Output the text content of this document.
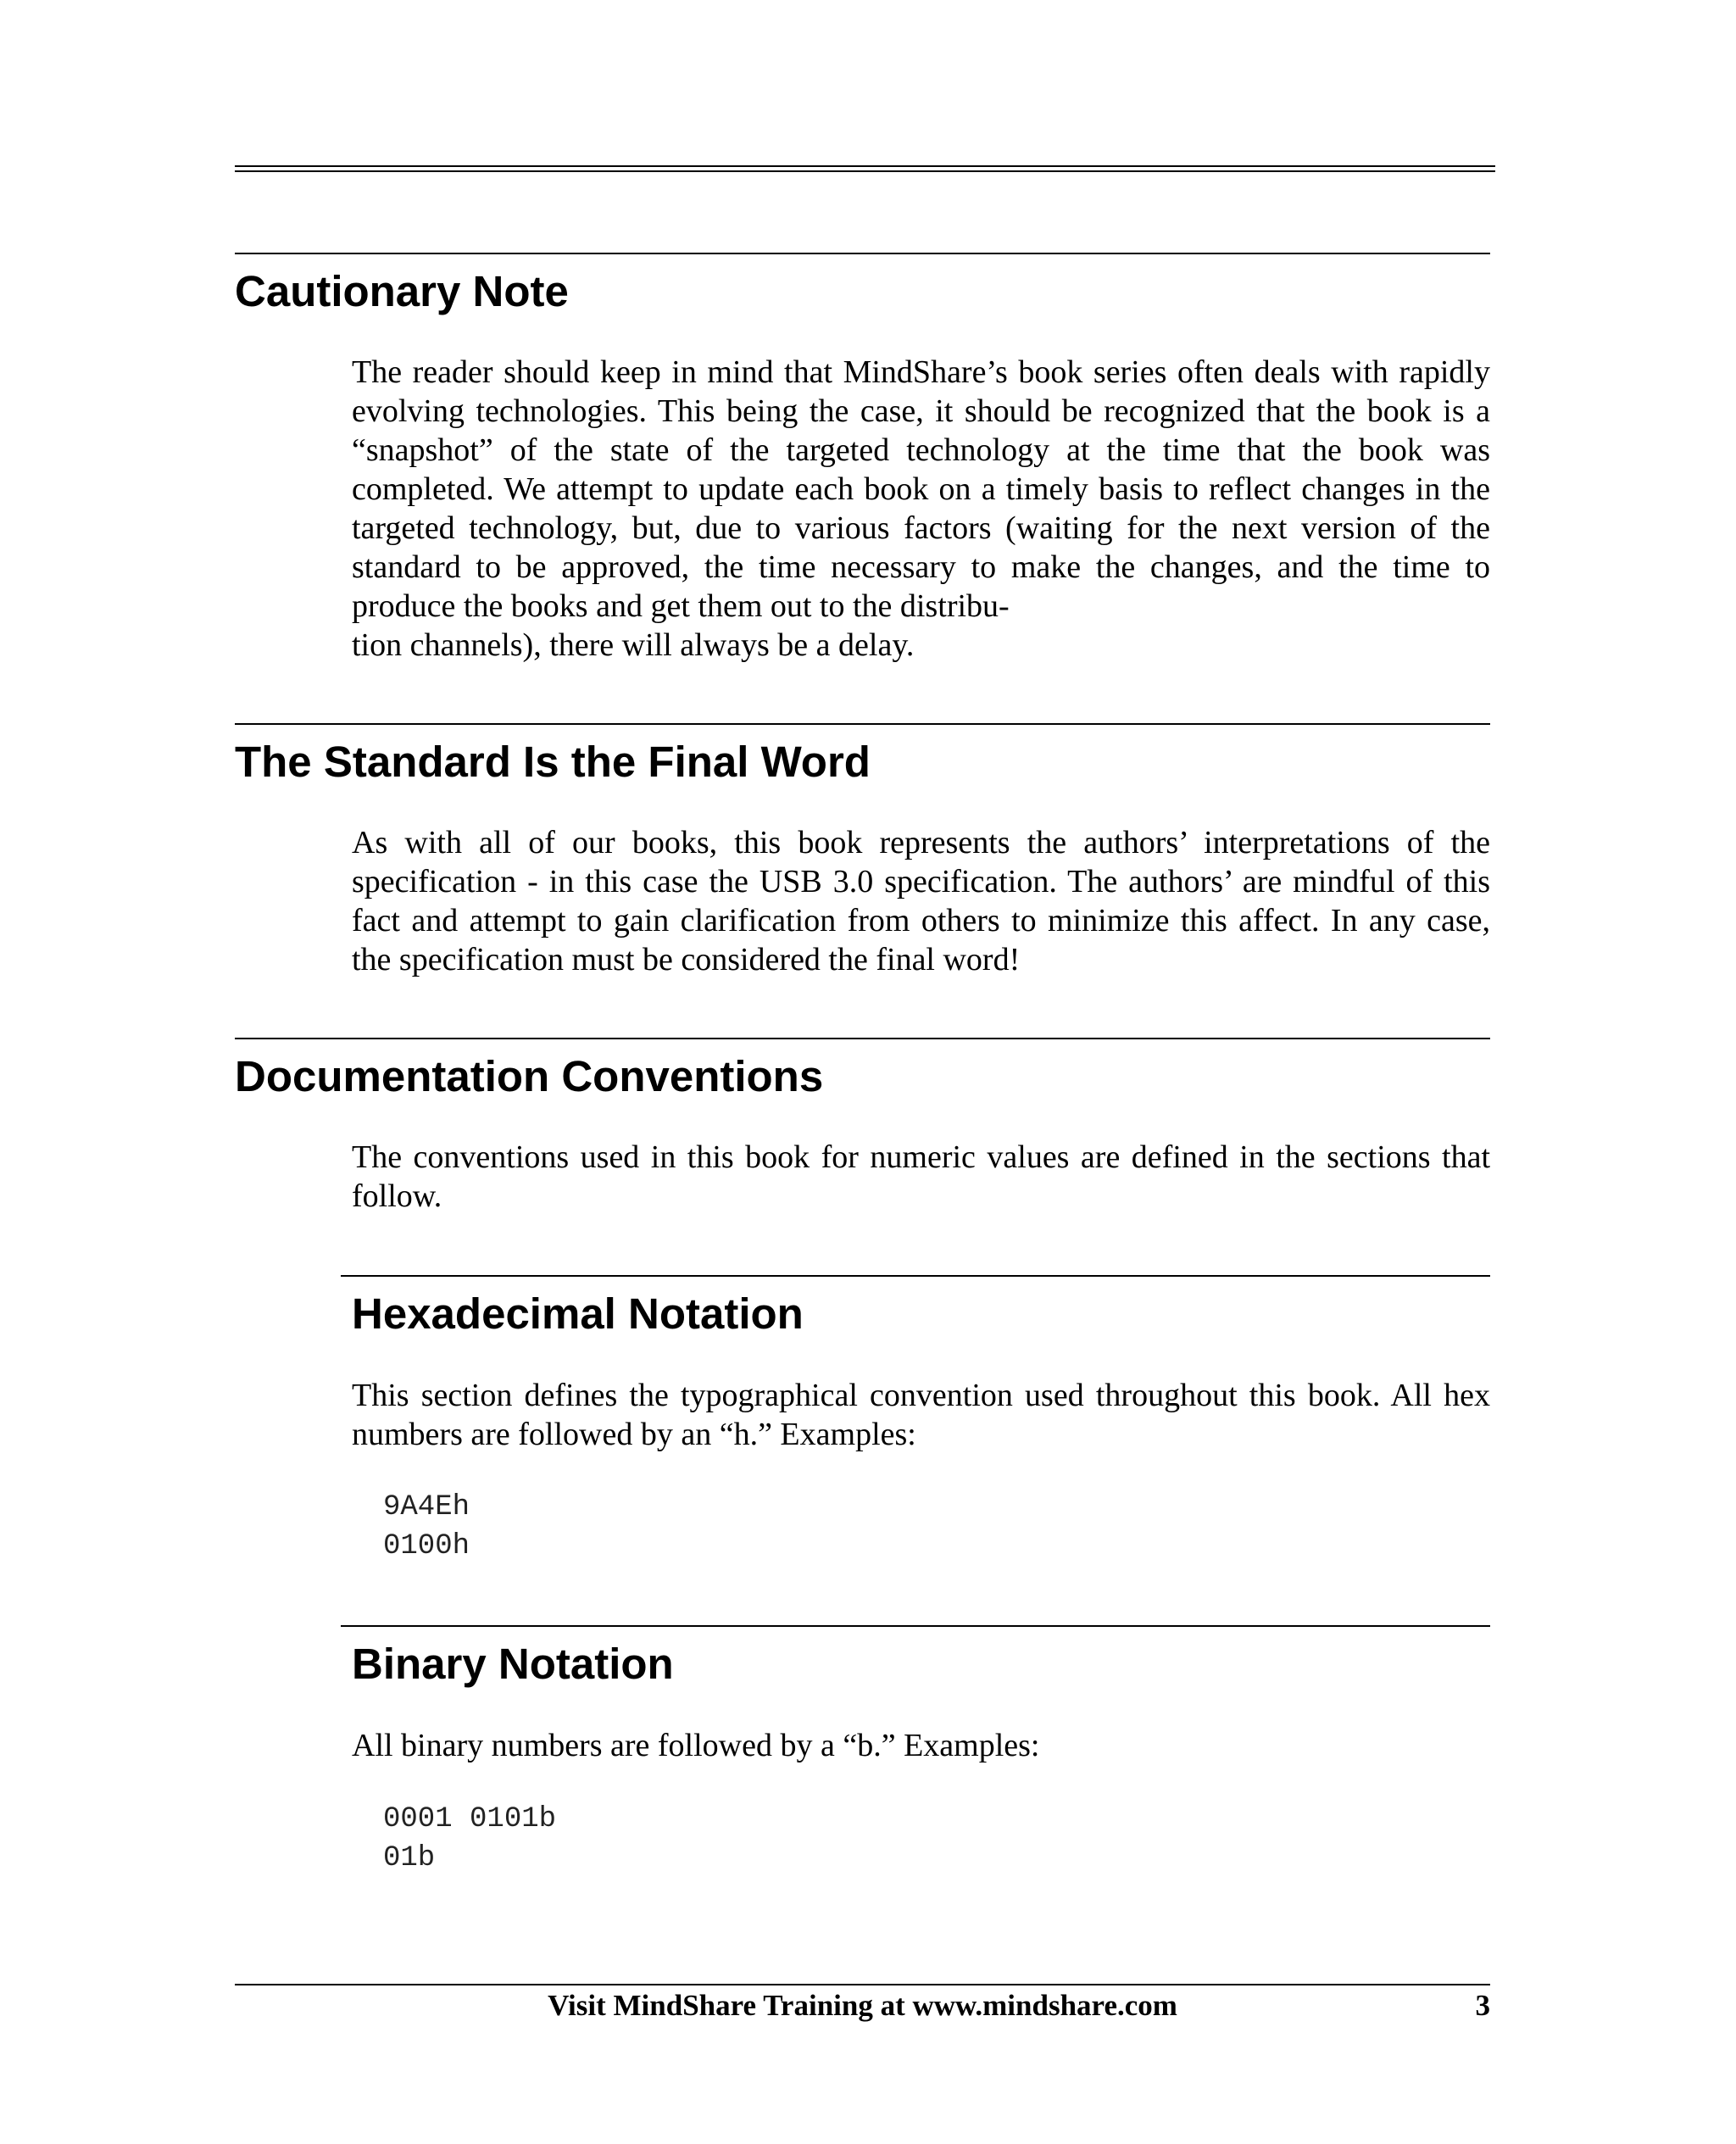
Cautionary Note

The reader should keep in mind that MindShare’s book series often deals with rapidly evolving technologies. This being the case, it should be recognized that the book is a “snapshot” of the state of the targeted technology at the time that the book was completed. We attempt to update each book on a timely basis to reflect changes in the targeted technology, but, due to various factors (waiting for the next version of the standard to be approved, the time necessary to make the changes, and the time to produce the books and get them out to the distribu-
tion channels), there will always be a delay.

The Standard Is the Final Word

As with all of our books, this book represents the authors’ interpretations of the specification - in this case the USB 3.0 specification. The authors’ are mindful of this fact and attempt to gain clarification from others to minimize this affect. In any case, the specification must be considered the final word!

Documentation Conventions

The conventions used in this book for numeric values are defined in the sections that follow.

Hexadecimal Notation

This section defines the typographical convention used throughout this book. All hex numbers are followed by an “h.” Examples:

9A4Eh
0100h
Binary Notation

All binary numbers are followed by a “b.” Examples:

0001 0101b
01b

Visit MindShare Training at www.mindshare.com	3
